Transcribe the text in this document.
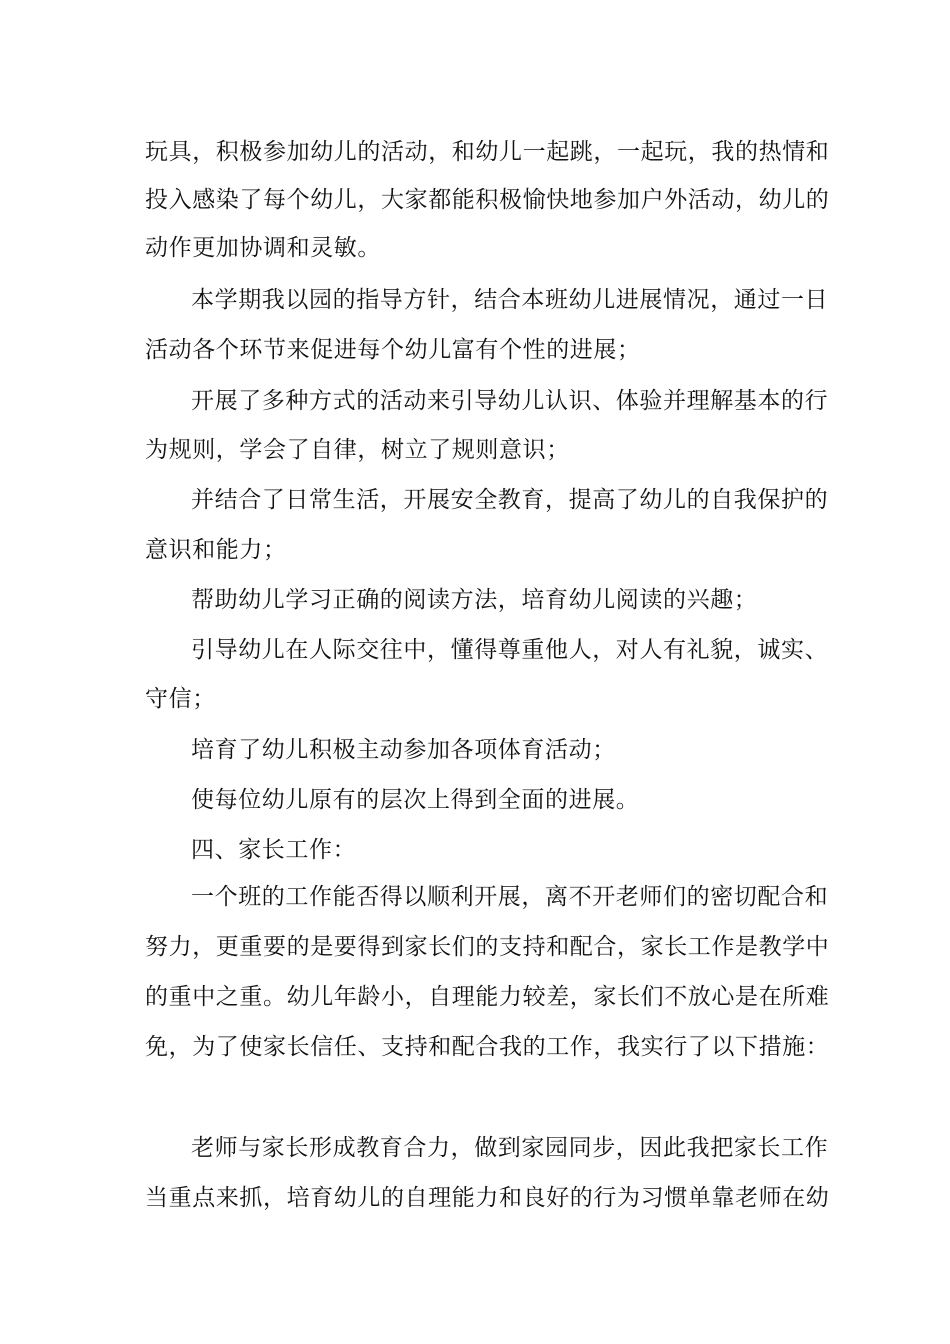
玩具，积极参加幼儿的活动，和幼儿一起跳，一起玩，我的热情和
投入感染了每个幼儿，大家都能积极愉快地参加户外活动，幼儿的
动作更加协调和灵敏。
本学期我以园的指导方针，结合本班幼儿进展情况，通过一日
活动各个环节来促进每个幼儿富有个性的进展；
开展了多种方式的活动来引导幼儿认识、体验并理解基本的行
为规则，学会了自律，树立了规则意识；
并结合了日常生活，开展安全教育，提高了幼儿的自我保护的
意识和能力；
帮助幼儿学习正确的阅读方法，培育幼儿阅读的兴趣；
引导幼儿在人际交往中，懂得尊重他人，对人有礼貌，诚实、
守信；
培育了幼儿积极主动参加各项体育活动；
使每位幼儿原有的层次上得到全面的进展。
四、家长工作：
一个班的工作能否得以顺利开展，离不开老师们的密切配合和
努力，更重要的是要得到家长们的支持和配合，家长工作是教学中
的重中之重。幼儿年龄小，自理能力较差，家长们不放心是在所难
免，为了使家长信任、支持和配合我的工作，我实行了以下措施：
老师与家长形成教育合力，做到家园同步，因此我把家长工作
当重点来抓，培育幼儿的自理能力和良好的行为习惯单靠老师在幼
